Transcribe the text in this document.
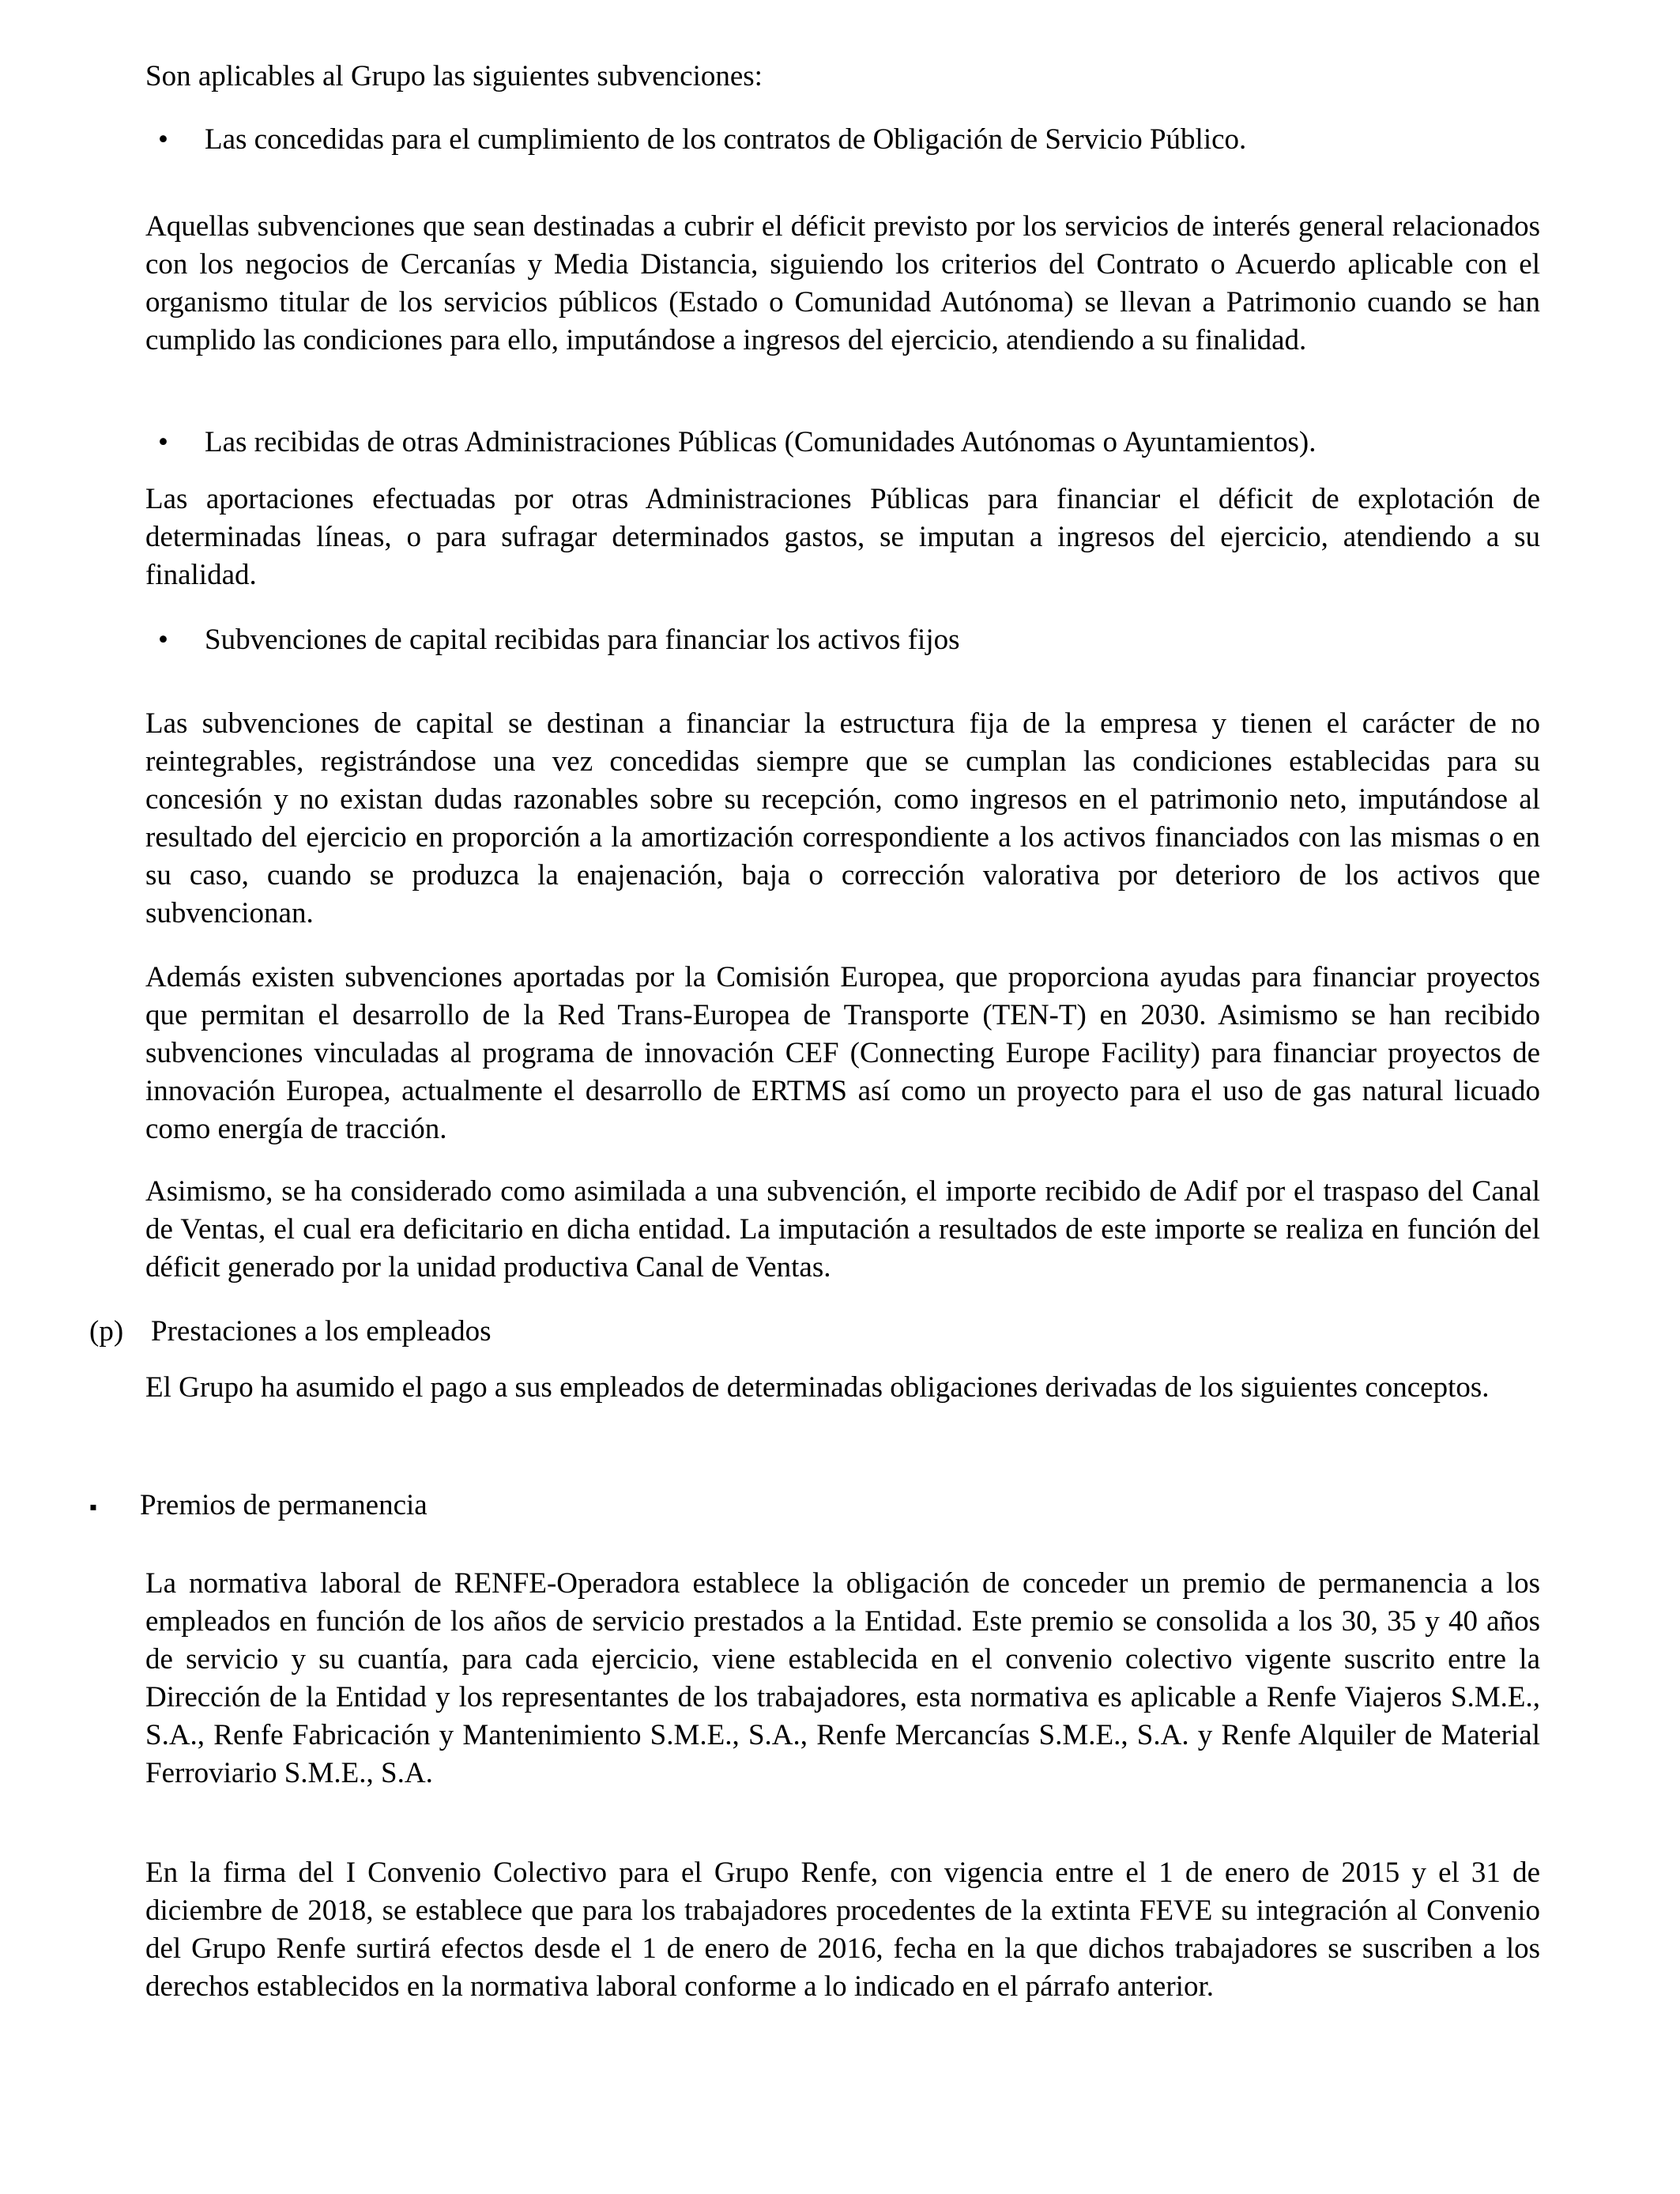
Son aplicables al Grupo las siguientes subvenciones:

• Las concedidas para el cumplimiento de los contratos de Obligación de Servicio Público.

Aquellas subvenciones que sean destinadas a cubrir el déficit previsto por los servicios de interés general relacionados con los negocios de Cercanías y Media Distancia, siguiendo los criterios del Contrato o Acuerdo aplicable con el organismo titular de los servicios públicos (Estado o Comunidad Autónoma) se llevan a Patrimonio cuando se han cumplido las condiciones para ello, imputándose a ingresos del ejercicio, atendiendo a su finalidad.

• Las recibidas de otras Administraciones Públicas (Comunidades Autónomas o Ayuntamientos).

Las aportaciones efectuadas por otras Administraciones Públicas para financiar el déficit de explotación de determinadas líneas, o para sufragar determinados gastos, se imputan a ingresos del ejercicio, atendiendo a su finalidad.

• Subvenciones de capital recibidas para financiar los activos fijos

Las subvenciones de capital se destinan a financiar la estructura fija de la empresa y tienen el carácter de no reintegrables, registrándose una vez concedidas siempre que se cumplan las condiciones establecidas para su concesión y no existan dudas razonables sobre su recepción, como ingresos en el patrimonio neto, imputándose al resultado del ejercicio en proporción a la amortización correspondiente a los activos financiados con las mismas o en su caso, cuando se produzca la enajenación, baja o corrección valorativa por deterioro de los activos que subvencionan.

Además existen subvenciones aportadas por la Comisión Europea, que proporciona ayudas para financiar proyectos que permitan el desarrollo de la Red Trans-Europea de Transporte (TEN-T) en 2030. Asimismo se han recibido subvenciones vinculadas al programa de innovación CEF (Connecting Europe Facility) para financiar proyectos de innovación Europea, actualmente el desarrollo de ERTMS así como un proyecto para el uso de gas natural licuado como energía de tracción.

Asimismo, se ha considerado como asimilada a una subvención, el importe recibido de Adif por el traspaso del Canal de Ventas, el cual era deficitario en dicha entidad. La imputación a resultados de este importe se realiza en función del déficit generado por la unidad productiva Canal de Ventas.

(p) Prestaciones a los empleados

El Grupo ha asumido el pago a sus empleados de determinadas obligaciones derivadas de los siguientes conceptos.

▪ Premios de permanencia

La normativa laboral de RENFE-Operadora establece la obligación de conceder un premio de permanencia a los empleados en función de los años de servicio prestados a la Entidad. Este premio se consolida a los 30, 35 y 40 años de servicio y su cuantía, para cada ejercicio, viene establecida en el convenio colectivo vigente suscrito entre la Dirección de la Entidad y los representantes de los trabajadores, esta normativa es aplicable a Renfe Viajeros S.M.E., S.A., Renfe Fabricación y Mantenimiento S.M.E., S.A., Renfe Mercancías S.M.E., S.A. y Renfe Alquiler de Material Ferroviario S.M.E., S.A.

En la firma del I Convenio Colectivo para el Grupo Renfe, con vigencia entre el 1 de enero de 2015 y el 31 de diciembre de 2018, se establece que para los trabajadores procedentes de la extinta FEVE su integración al Convenio del Grupo Renfe surtirá efectos desde el 1 de enero de 2016, fecha en la que dichos trabajadores se suscriben a los derechos establecidos en la normativa laboral conforme a lo indicado en el párrafo anterior.
